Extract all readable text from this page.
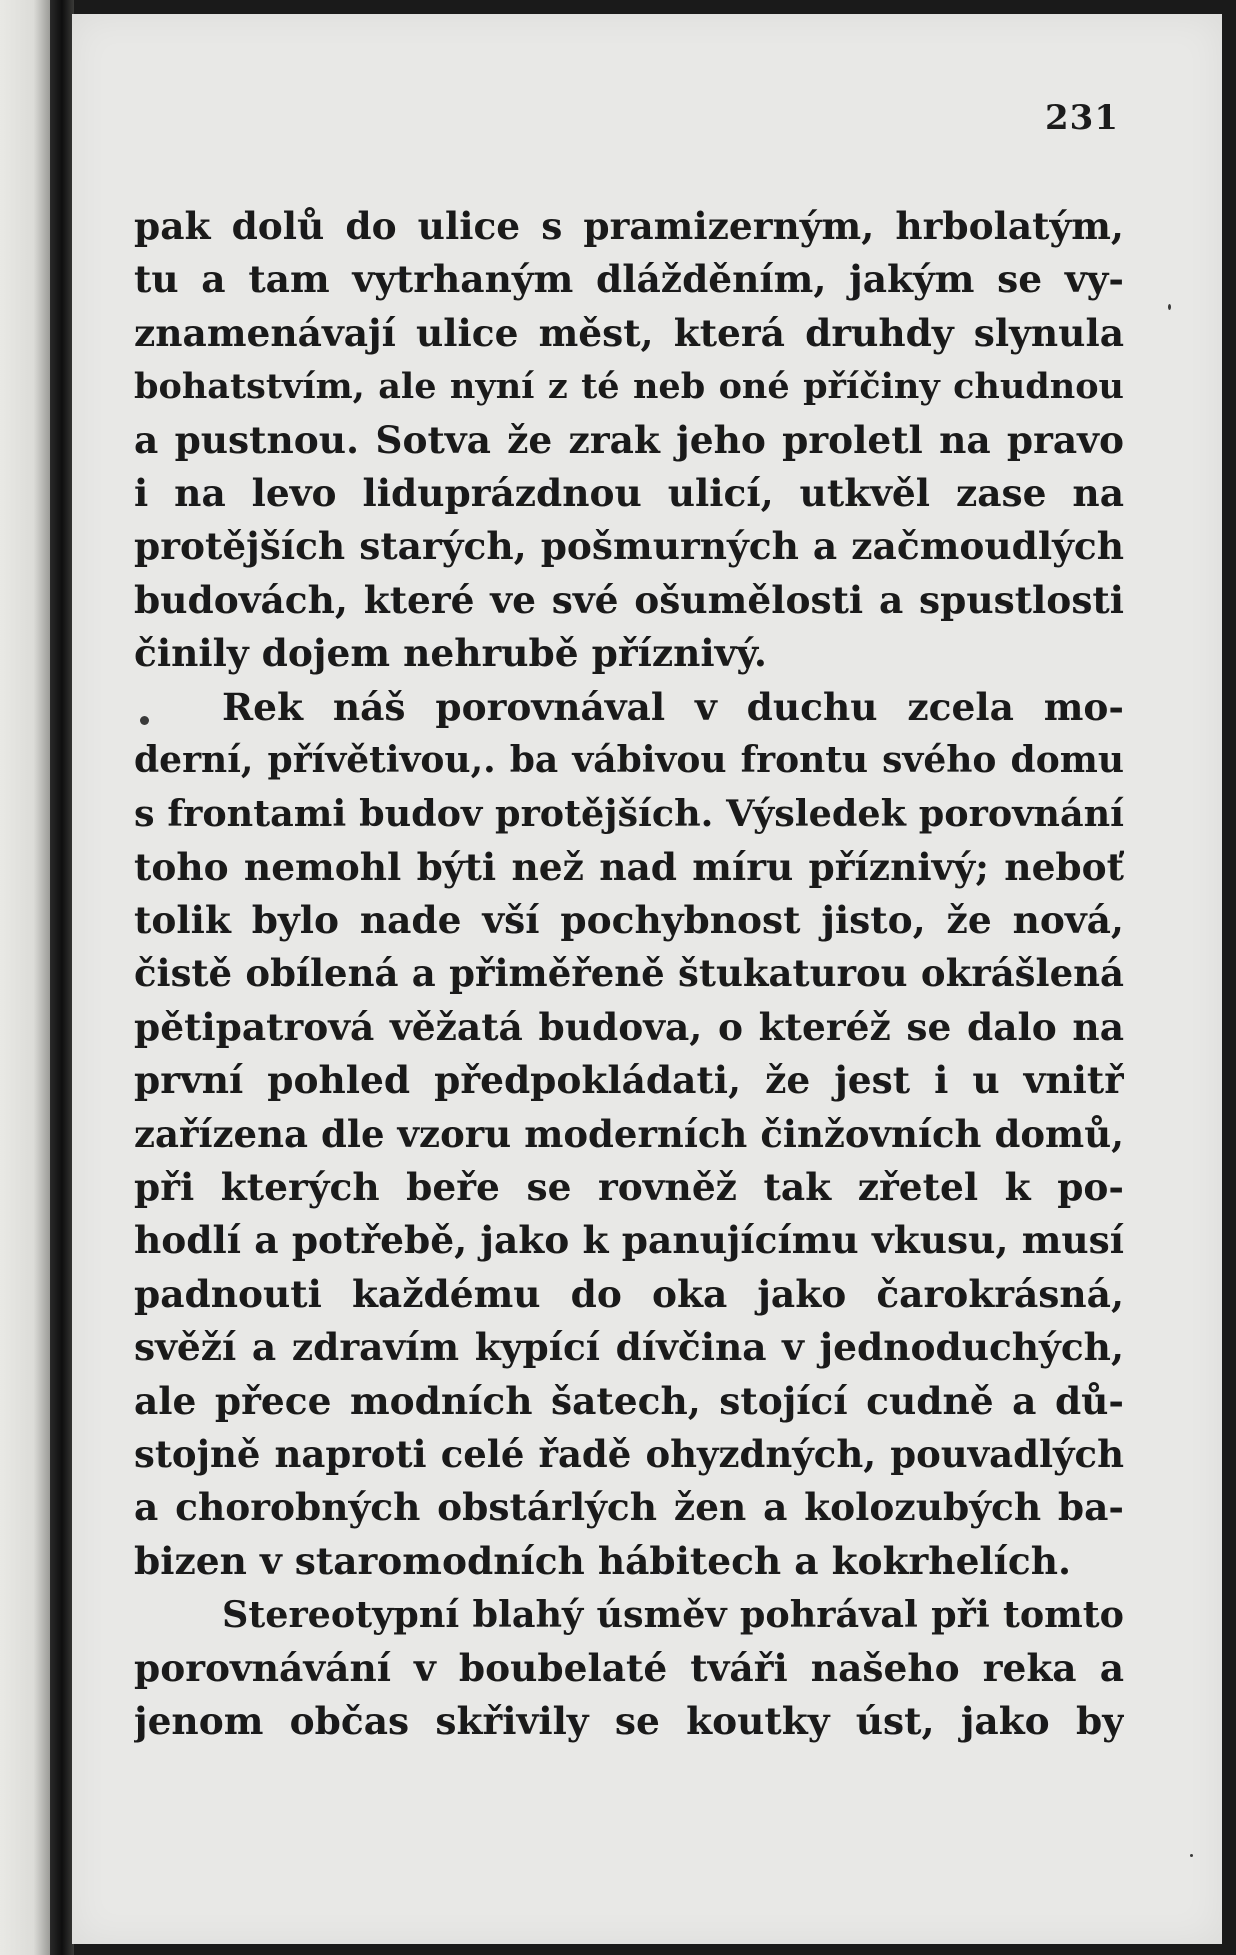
231
pak dolů do ulice s pramizerným, hrbolatým,
tu a tam vytrhaným dlážděním, jakým se vy-
znamenávají ulice měst, která druhdy slynula
bohatstvím, ale nyní z té neb oné příčiny chudnou
a pustnou. Sotva že zrak jeho proletl na pravo
i na levo liduprázdnou ulicí, utkvěl zase na
protějších starých, pošmurných a začmoudlých
budovách, které ve své ošumělosti a spustlosti
činily dojem nehrubě příznivý.
Rek náš porovnával v duchu zcela mo-
derní, přívětivou,. ba vábivou frontu svého domu
s frontami budov protějších. Výsledek porovnání
toho nemohl býti než nad míru příznivý; neboť
tolik bylo nade vší pochybnost jisto, že nová,
čistě obílená a přiměřeně štukaturou okrášlená
pětipatrová věžatá budova, o kteréž se dalo na
první pohled předpokládati, že jest i u vnitř
zařízena dle vzoru moderních činžovních domů,
při kterých beře se rovněž tak zřetel k po-
hodlí a potřebě, jako k panujícímu vkusu, musí
padnouti každému do oka jako čarokrásná,
svěží a zdravím kypící dívčina v jednoduchých,
ale přece modních šatech, stojící cudně a dů-
stojně naproti celé řadě ohyzdných, pouvadlých
a chorobných obstárlých žen a kolozubých ba-
bizen v staromodních hábitech a kokrhelích.
Stereotypní blahý úsměv pohrával při tomto
porovnávání v boubelaté tváři našeho reka a
jenom občas skřivily se koutky úst, jako by
